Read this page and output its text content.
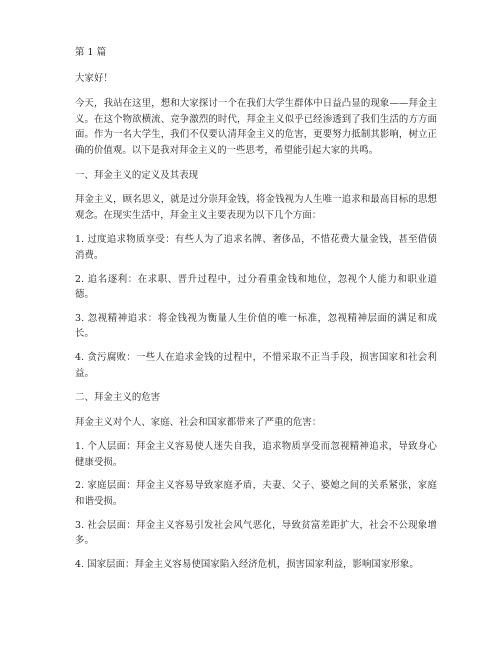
第 1 篇

大家好！

今天，我站在这里，想和大家探讨一个在我们大学生群体中日益凸显的现象——拜金主义。在这个物欲横流、竞争激烈的时代，拜金主义似乎已经渗透到了我们生活的方方面面。作为一名大学生，我们不仅要认清拜金主义的危害，更要努力抵制其影响，树立正确的价值观。以下是我对拜金主义的一些思考，希望能引起大家的共鸣。

一、拜金主义的定义及其表现

拜金主义，顾名思义，就是过分崇拜金钱，将金钱视为人生唯一追求和最高目标的思想观念。在现实生活中，拜金主义主要表现为以下几个方面：

1. 过度追求物质享受：有些人为了追求名牌、奢侈品，不惜花费大量金钱，甚至借债消费。

2. 追名逐利：在求职、晋升过程中，过分看重金钱和地位，忽视个人能力和职业道德。

3. 忽视精神追求：将金钱视为衡量人生价值的唯一标准，忽视精神层面的满足和成长。

4. 贪污腐败：一些人在追求金钱的过程中，不惜采取不正当手段，损害国家和社会利益。

二、拜金主义的危害

拜金主义对个人、家庭、社会和国家都带来了严重的危害：

1. 个人层面：拜金主义容易使人迷失自我，追求物质享受而忽视精神追求，导致身心健康受损。

2. 家庭层面：拜金主义容易导致家庭矛盾，夫妻、父子、婆媳之间的关系紧张，家庭和谐受损。

3. 社会层面：拜金主义容易引发社会风气恶化，导致贫富差距扩大，社会不公现象增多。

4. 国家层面：拜金主义容易使国家陷入经济危机，损害国家利益，影响国家形象。
